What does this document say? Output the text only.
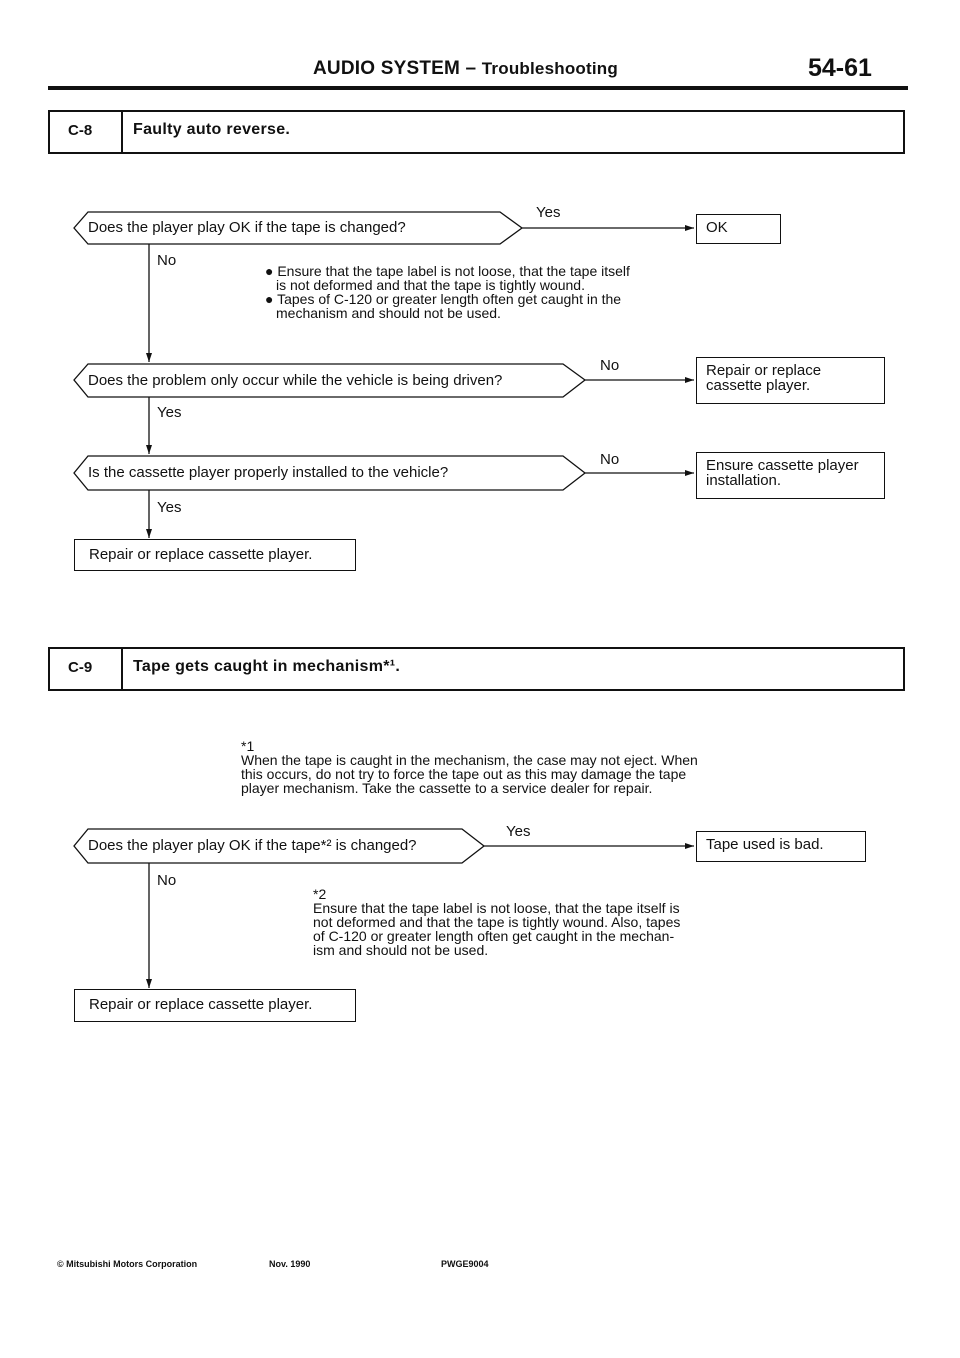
AUDIO SYSTEM – Troubleshooting	54-61
C-8	Faulty auto reverse.
Does the player play OK if the tape is changed?
Yes
OK
No
● Ensure that the tape label is not loose, that the tape itself
is not deformed and that the tape is tightly wound.
● Tapes of C-120 or greater length often get caught in the
mechanism and should not be used.
Does the problem only occur while the vehicle is being driven?
No	Repair or replace
cassette player.
Yes
Is the cassette player properly installed to the vehicle?
No	Ensure cassette player
installation.
Yes
Repair or replace cassette player.
C-9	Tape gets caught in mechanism*¹.
*1
When the tape is caught in the mechanism, the case may not eject. When
this occurs, do not try to force the tape out as this may damage the tape
player mechanism. Take the cassette to a service dealer for repair.
Does the player play OK if the tape*² is changed?
Yes
Tape used is bad.
No
*2
Ensure that the tape label is not loose, that the tape itself is
not deformed and that the tape is tightly wound. Also, tapes
of C-120 or greater length often get caught in the mechan-
ism and should not be used.
Repair or replace cassette player.
© Mitsubishi Motors Corporation	Nov. 1990	PWGE9004
